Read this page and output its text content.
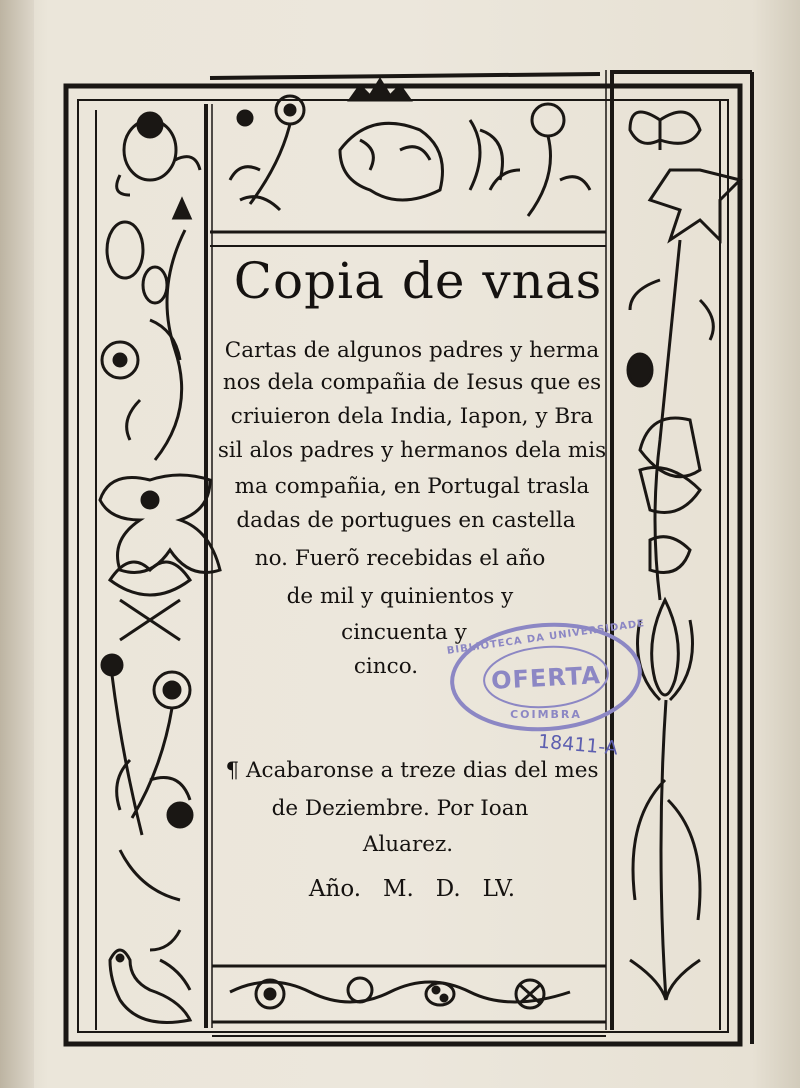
Copia de vnas
Cartas de algunos padres y herma
nos dela compañia de Iesus que es
criuieron dela India, Iapon, y Bra
sil alos padres y hermanos dela mis
ma compañia, en Portugal trasla
dadas de portugues en castella
no. Fuerõ recebidas el año
de mil y quinientos y
cincuenta y
cinco.
¶ Acabaronse a treze dias del mes
de Deziembre. Por Ioan
Aluarez.
Año.   M.   D.   LV.
BIBLIOTECA DA UNIVERSIDADE
OFERTA
COIMBRA
18411-A
